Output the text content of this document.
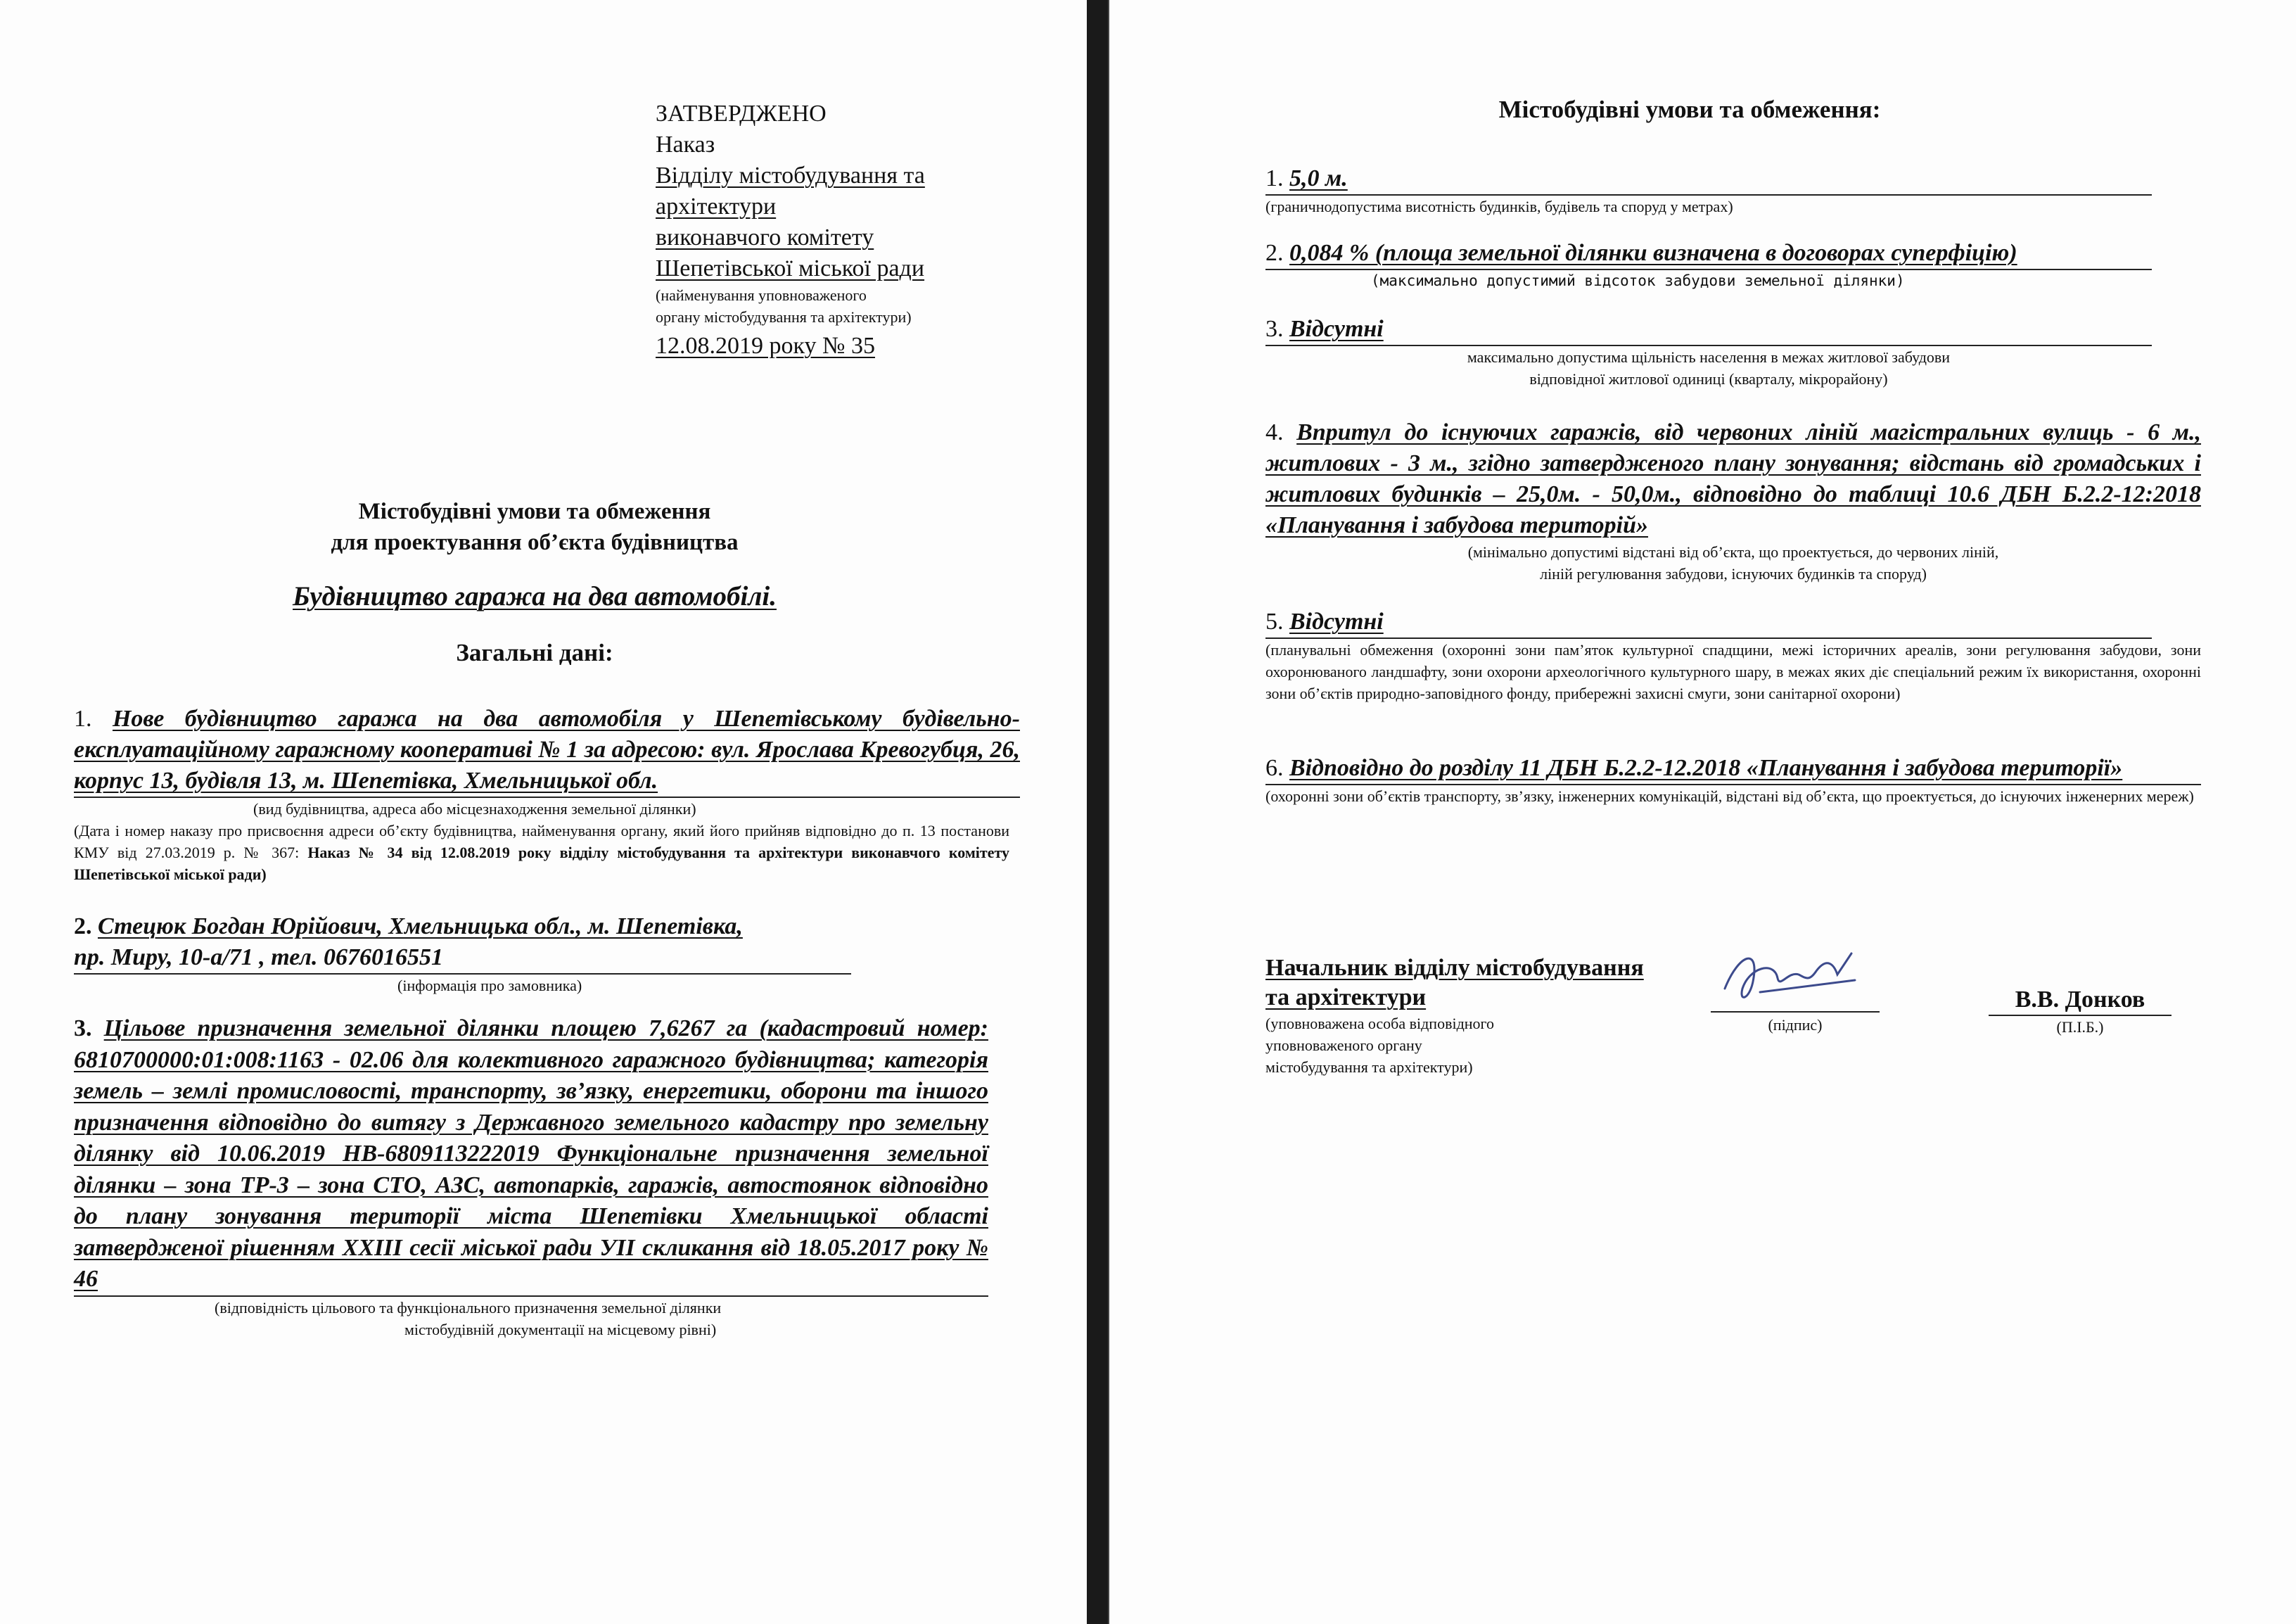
ЗАТВЕРДЖЕНО
Наказ
Відділу містобудування та
архітектури
виконавчого комітету
Шепетівської міської ради
(найменування уповноваженого
органу містобудування та архітектури)
12.08.2019 року № 35
Містобудівні умови та обмеження
для проектування об’єкта будівництва
Будівництво гаража на два автомобілі.
Загальні дані:
1. Нове будівництво гаража на два автомобіля у Шепетівському будівельно-експлуатаційному гаражному кооперативі № 1 за адресою: вул. Ярослава Кревогубця, 26, корпус 13, будівля 13, м. Шепетівка, Хмельницької обл.
(вид будівництва, адреса або місцезнаходження земельної ділянки)
(Дата і номер наказу про присвоєння адреси об’єкту будівництва, найменування органу, який його прийняв відповідно до п. 13 постанови КМУ від 27.03.2019 р. № 367: Наказ № 34 від 12.08.2019 року відділу містобудування та архітектури виконавчого комітету Шепетівської міської ради)
2. Стецюк Богдан Юрійович, Хмельницька обл., м. Шепетівка,
пр. Миру, 10-а/71 , тел. 0676016551
(інформація про замовника)
3. Цільове призначення земельної ділянки площею 7,6267 га (кадастровий номер: 6810700000:01:008:1163 - 02.06 для колективного гаражного будівництва; категорія земель – землі промисловості, транспорту, зв’язку, енергетики, оборони та іншого призначення відповідно до витягу з Державного земельного кадастру про земельну ділянку від 10.06.2019 НВ-6809113222019 Функціональне призначення земельної ділянки – зона ТР-3 – зона СТО, АЗС, автопарків, гаражів, автостоянок відповідно до плану зонування території міста Шепетівки Хмельницької області затвердженої рішенням ХХІІІ сесії міської ради УІІ скликання від 18.05.2017 року № 46
(відповідність цільового та функціонального призначення земельної ділянки
містобудівній документації на місцевому рівні)
Містобудівні умови та обмеження:
1. 5,0 м.
(граничнодопустима висотність будинків, будівель та споруд у метрах)
2. 0,084 % (площа земельної ділянки визначена в договорах суперфіцію)
(максимально допустимий відсоток забудови земельної ділянки)
3. Відсутні
максимально допустима щільність населення в межах житлової забудови
відповідної житлової одиниці (кварталу, мікрорайону)
4. Впритул до існуючих гаражів, від червоних ліній магістральних вулиць - 6 м., житлових - 3 м., згідно затвердженого плану зонування; відстань від громадських і житлових будинків – 25,0м. - 50,0м., відповідно до таблиці 10.6 ДБН Б.2.2-12:2018 «Планування і забудова територій»
(мінімально допустимі відстані від об’єкта, що проектується, до червоних ліній,
ліній регулювання забудови, існуючих будинків та споруд)
5. Відсутні
(планувальні обмеження (охоронні зони пам’яток культурної спадщини, межі історичних ареалів, зони регулювання забудови, зони охоронюваного ландшафту, зони охорони археологічного культурного шару, в межах яких діє спеціальний режим їх використання, охоронні зони об’єктів природно-заповідного фонду, прибережні захисні смуги, зони санітарної охорони)
6. Відповідно до розділу 11 ДБН Б.2.2-12.2018 «Планування і забудова території»
(охоронні зони об’єктів транспорту, зв’язку, інженерних комунікацій, відстані від об’єкта, що проектується, до існуючих інженерних мереж)
Начальник відділу містобудування
та архітектури
(уповноважена особа відповідного
уповноваженого органу
містобудування та архітектури)
(підпис)
В.В. Донков
(П.І.Б.)
